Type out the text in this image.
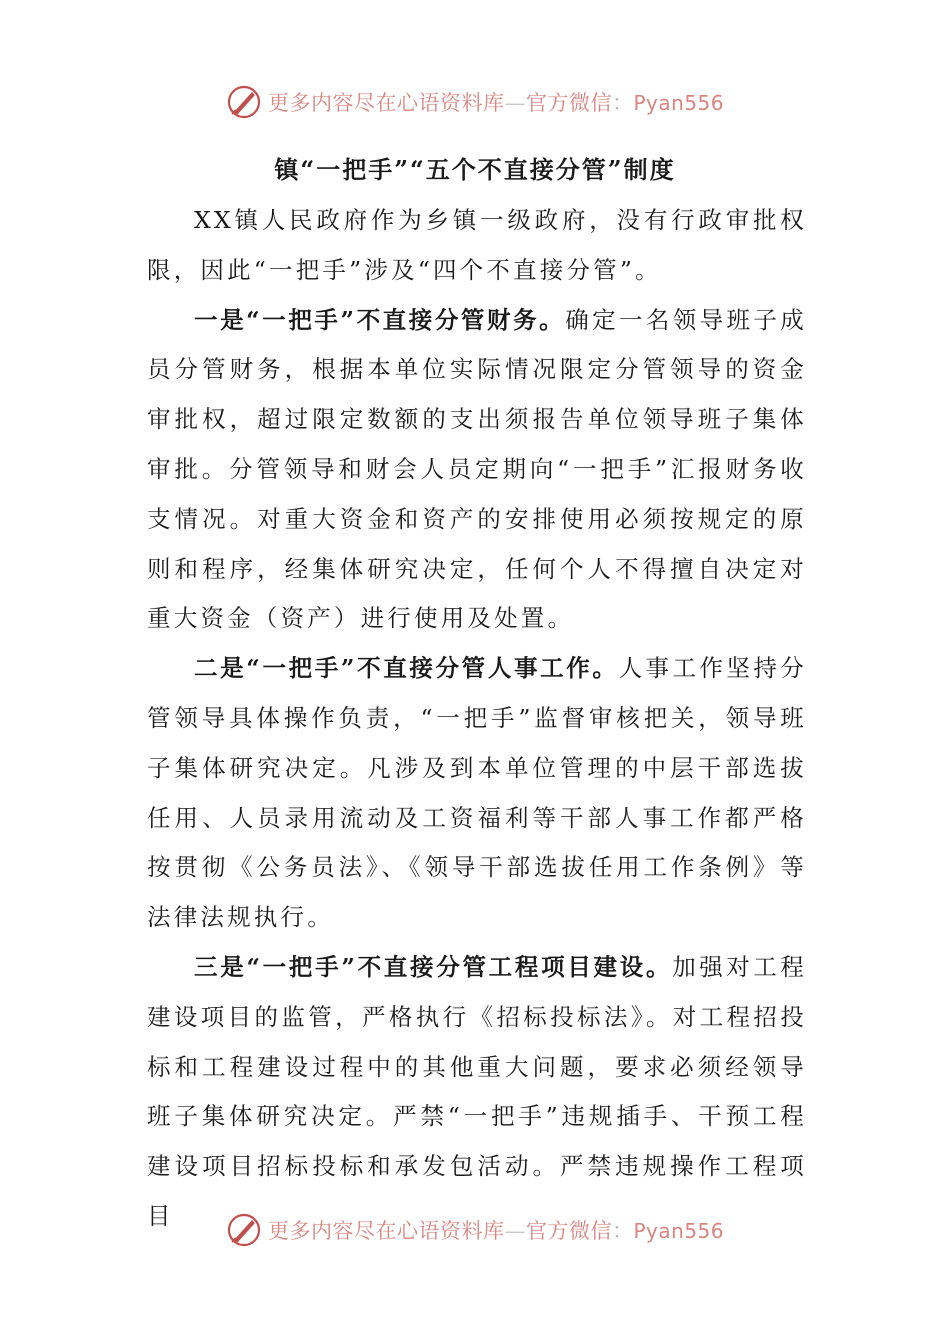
更多内容尽在心语资料库—官方微信：Pyan556
镇“一把手”“五个不直接分管”制度

XX镇人民政府作为乡镇一级政府，没有行政审批权限，因此“一把手”涉及“四个不直接分管”。

一是“一把手”不直接分管财务。确定一名领导班子成员分管财务，根据本单位实际情况限定分管领导的资金审批权，超过限定数额的支出须报告单位领导班子集体审批。分管领导和财会人员定期向“一把手”汇报财务收支情况。对重大资金和资产的安排使用必须按规定的原则和程序，经集体研究决定，任何个人不得擅自决定对重大资金（资产）进行使用及处置。

二是“一把手”不直接分管人事工作。人事工作坚持分管领导具体操作负责，“一把手”监督审核把关，领导班子集体研究决定。凡涉及到本单位管理的中层干部选拔任用、人员录用流动及工资福利等干部人事工作都严格按贯彻《公务员法》、《领导干部选拔任用工作条例》等法律法规执行。

三是“一把手”不直接分管工程项目建设。加强对工程建设项目的监管，严格执行《招标投标法》。对工程招投标和工程建设过程中的其他重大问题，要求必须经领导班子集体研究决定。严禁“一把手”违规插手、干预工程建设项目招标投标和承发包活动。严禁违规操作工程项目

更多内容尽在心语资料库—官方微信：Pyan556
